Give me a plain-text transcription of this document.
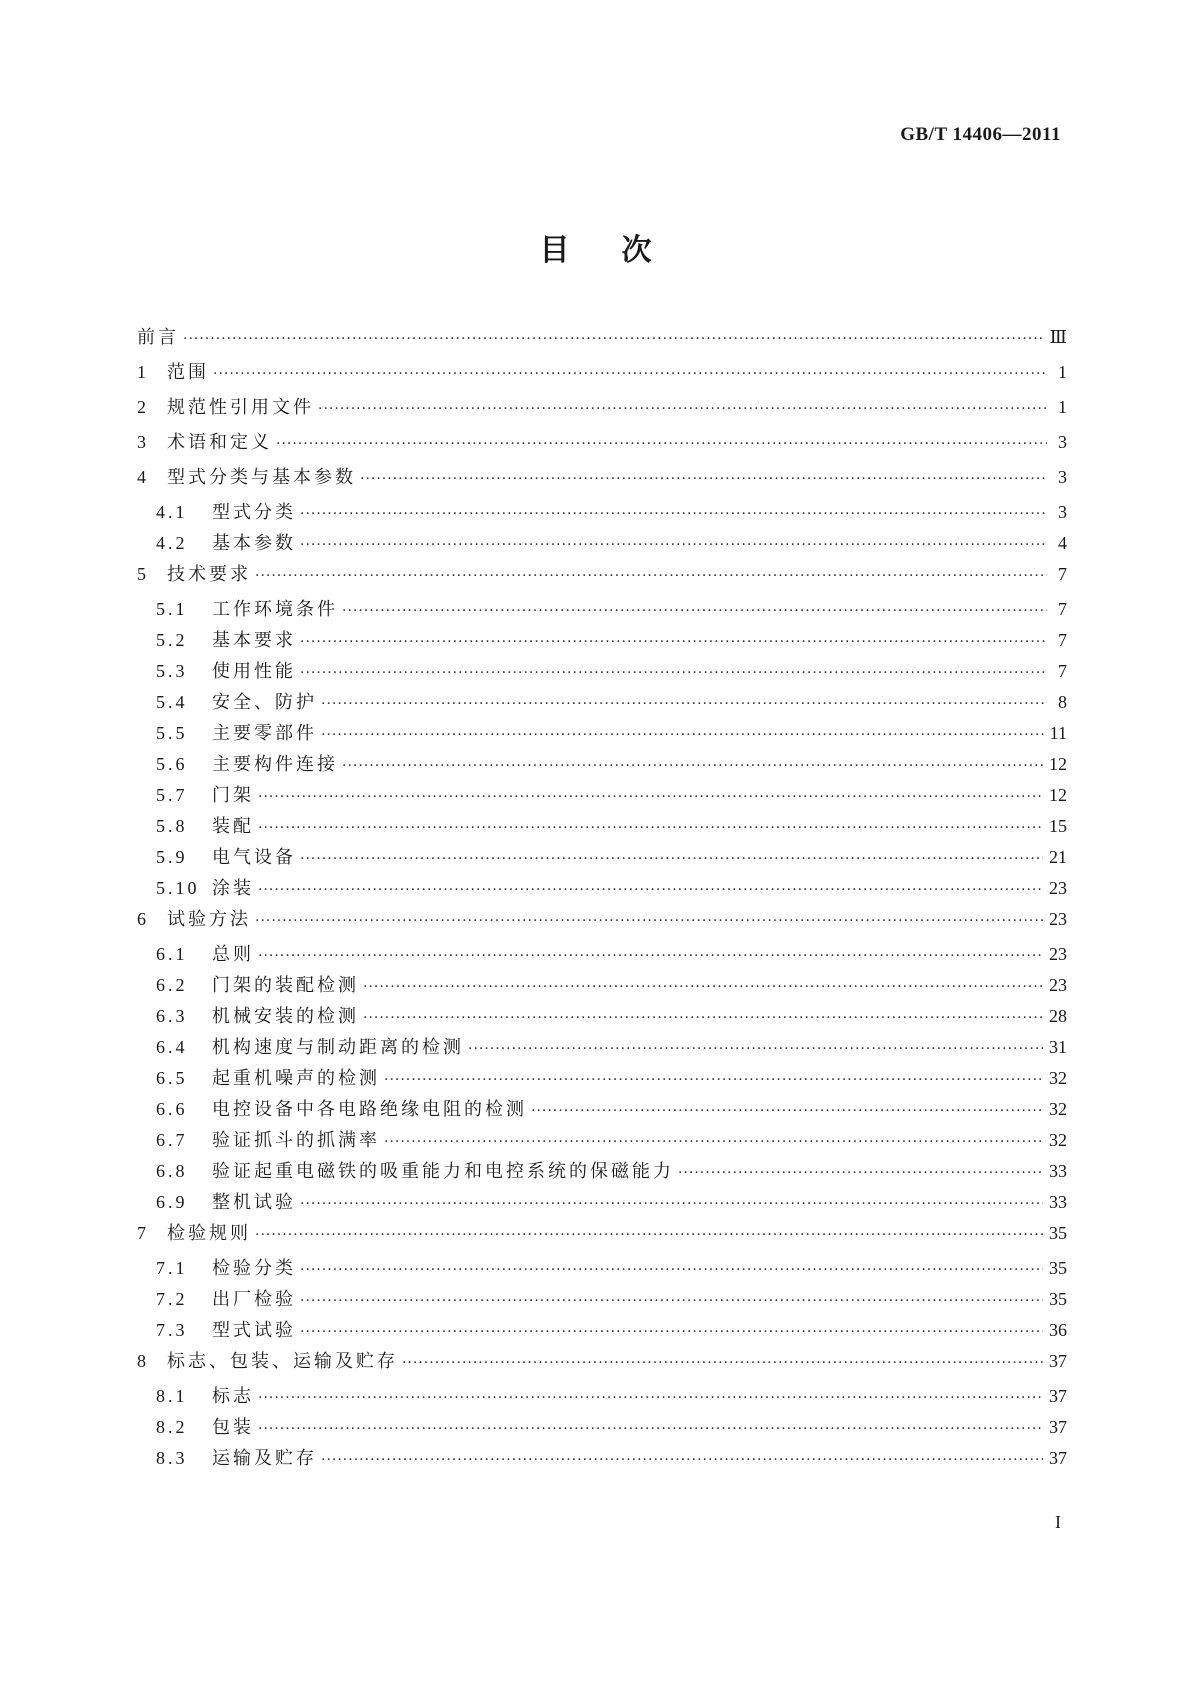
GB/T 14406—2011
目次
前言 ·····	Ⅲ
1	范围 ·····	1
2	规范性引用文件 ·····	1
3	术语和定义 ·····	3
4	型式分类与基本参数 ·····	3
4.1	型式分类 ·····	3
4.2	基本参数 ·····	4
5	技术要求 ·····	7
5.1	工作环境条件 ·····	7
5.2	基本要求 ·····	7
5.3	使用性能 ·····	7
5.4	安全、防护 ·····	8
5.5	主要零部件 ·····	11
5.6	主要构件连接 ·····	12
5.7	门架 ·····	12
5.8	装配 ·····	15
5.9	电气设备 ·····	21
5.10 涂装 ·····	23
6	试验方法 ·····	23
6.1	总则 ·····	23
6.2	门架的装配检测 ·····	23
6.3	机械安装的检测 ·····	28
6.4	机构速度与制动距离的检测 ·····	31
6.5	起重机噪声的检测 ·····	32
6.6	电控设备中各电路绝缘电阻的检测 ·····	32
6.7	验证抓斗的抓满率 ·····	32
6.8	验证起重电磁铁的吸重能力和电控系统的保磁能力 ·····	33
6.9	整机试验 ·····	33
7	检验规则 ·····	35
7.1	检验分类 ·····	35
7.2	出厂检验 ·····	35
7.3	型式试验 ·····	36
8	标志、包装、运输及贮存 ·····	37
8.1	标志 ·····	37
8.2	包装 ·····	37
8.3	运输及贮存 ·····	37
I
